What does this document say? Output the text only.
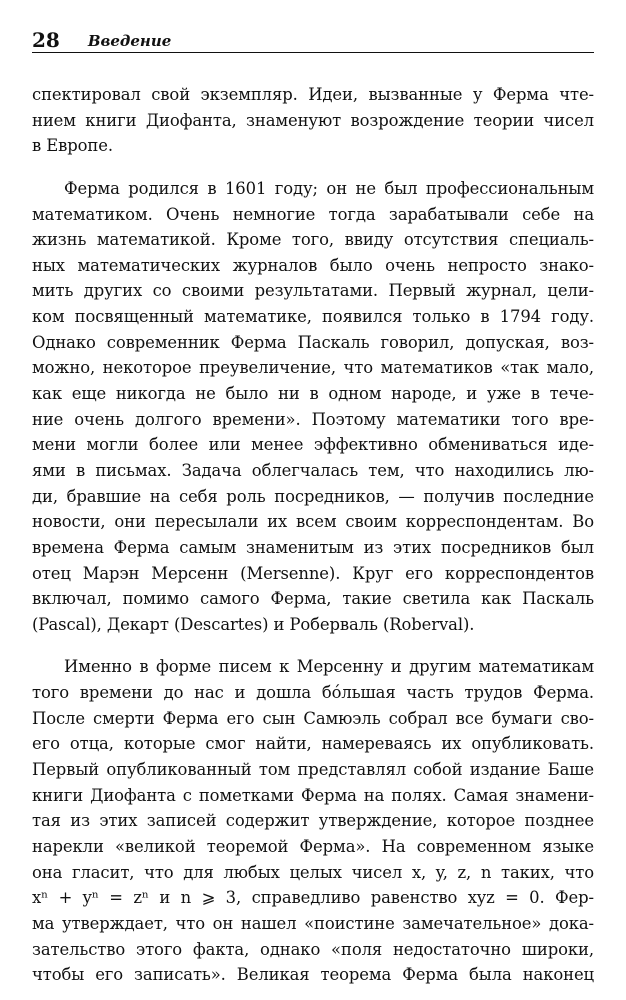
28 Введение
спектировал свой экземпляр. Идеи, вызванные у Ферма чте-
нием книги Диофанта, знаменуют возрождение теории чисел
в Европе.
Ферма родился в 1601 году; он не был профессиональным
математиком. Очень немногие тогда зарабатывали себе на
жизнь математикой. Кроме того, ввиду отсутствия специаль-
ных математических журналов было очень непросто знако-
мить других со своими результатами. Первый журнал, цели-
ком посвященный математике, появился только в 1794 году.
Однако современник Ферма Паскаль говорил, допуская, воз-
можно, некоторое преувеличение, что математиков «так мало,
как еще никогда не было ни в одном народе, и уже в тече-
ние очень долгого времени». Поэтому математики того вре-
мени могли более или менее эффективно обмениваться иде-
ями в письмах. Задача облегчалась тем, что находились лю-
ди, бравшие на себя роль посредников, — получив последние
новости, они пересылали их всем своим корреспондентам. Во
времена Ферма самым знаменитым из этих посредников был
отец Марэн Мерсенн (Mersenne). Круг его корреспондентов
включал, помимо самого Ферма, такие светила как Паскаль
(Pascal), Декарт (Descartes) и Роберваль (Roberval).
Именно в форме писем к Мерсенну и другим математикам
того времени до нас и дошла бóльшая часть трудов Ферма.
После смерти Ферма его сын Самюэль собрал все бумаги сво-
его отца, которые смог найти, намереваясь их опубликовать.
Первый опубликованный том представлял собой издание Баше
книги Диофанта с пометками Ферма на полях. Самая знамени-
тая из этих записей содержит утверждение, которое позднее
нарекли «великой теоремой Ферма». На современном языке
она гласит, что для любых целых чисел x, y, z, n таких, что
xⁿ + yⁿ = zⁿ и n ⩾ 3, справедливо равенство xyz = 0. Фер-
ма утверждает, что он нашел «поистине замечательное» дока-
зательство этого факта, однако «поля недостаточно широки,
чтобы его записать». Великая теорема Ферма была наконец
